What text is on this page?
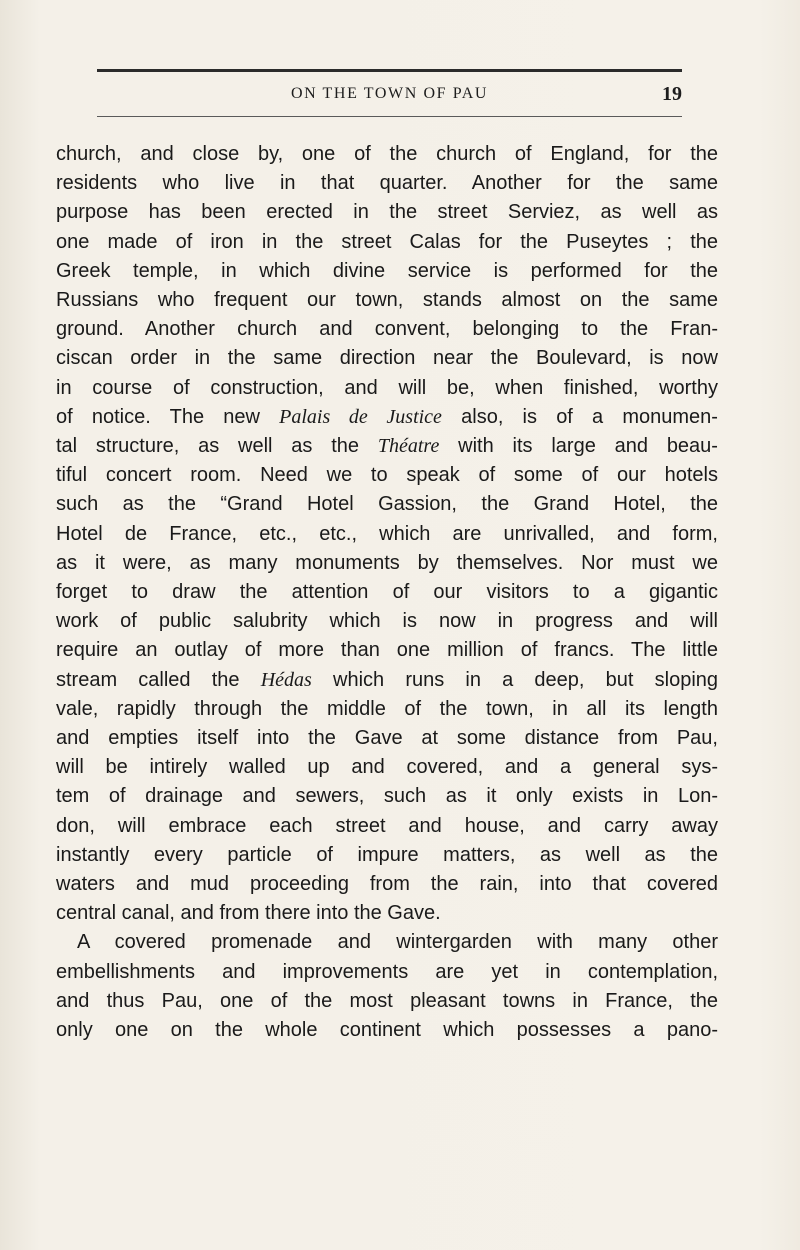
ON THE TOWN OF PAU	19
church, and close by, one of the church of England, for the
residents who live in that quarter. Another for the same
purpose has been erected in the street Serviez, as well as
one made of iron in the street Calas for the Puseytes ; the
Greek temple, in which divine service is performed for the
Russians who frequent our town, stands almost on the same
ground. Another church and convent, belonging to the Fran-
ciscan order in the same direction near the Boulevard, is now
in course of construction, and will be, when finished, worthy
of notice. The new Palais de Justice also, is of a monumen-
tal structure, as well as the Théatre with its large and beau-
tiful concert room. Need we to speak of some of our hotels
such as the “Grand Hotel Gassion, the Grand Hotel, the
Hotel de France, etc., etc., which are unrivalled, and form,
as it were, as many monuments by themselves. Nor must we
forget to draw the attention of our visitors to a gigantic
work of public salubrity which is now in progress and will
require an outlay of more than one million of francs. The little
stream called the Hédas which runs in a deep, but sloping
vale, rapidly through the middle of the town, in all its length
and empties itself into the Gave at some distance from Pau,
will be intirely walled up and covered, and a general sys-
tem of drainage and sewers, such as it only exists in Lon-
don, will embrace each street and house, and carry away
instantly every particle of impure matters, as well as the
waters and mud proceeding from the rain, into that covered
central canal, and from there into the Gave.
A covered promenade and wintergarden with many other
embellishments and improvements are yet in contemplation,
and thus Pau, one of the most pleasant towns in France, the
only one on the whole continent which possesses a pano-
